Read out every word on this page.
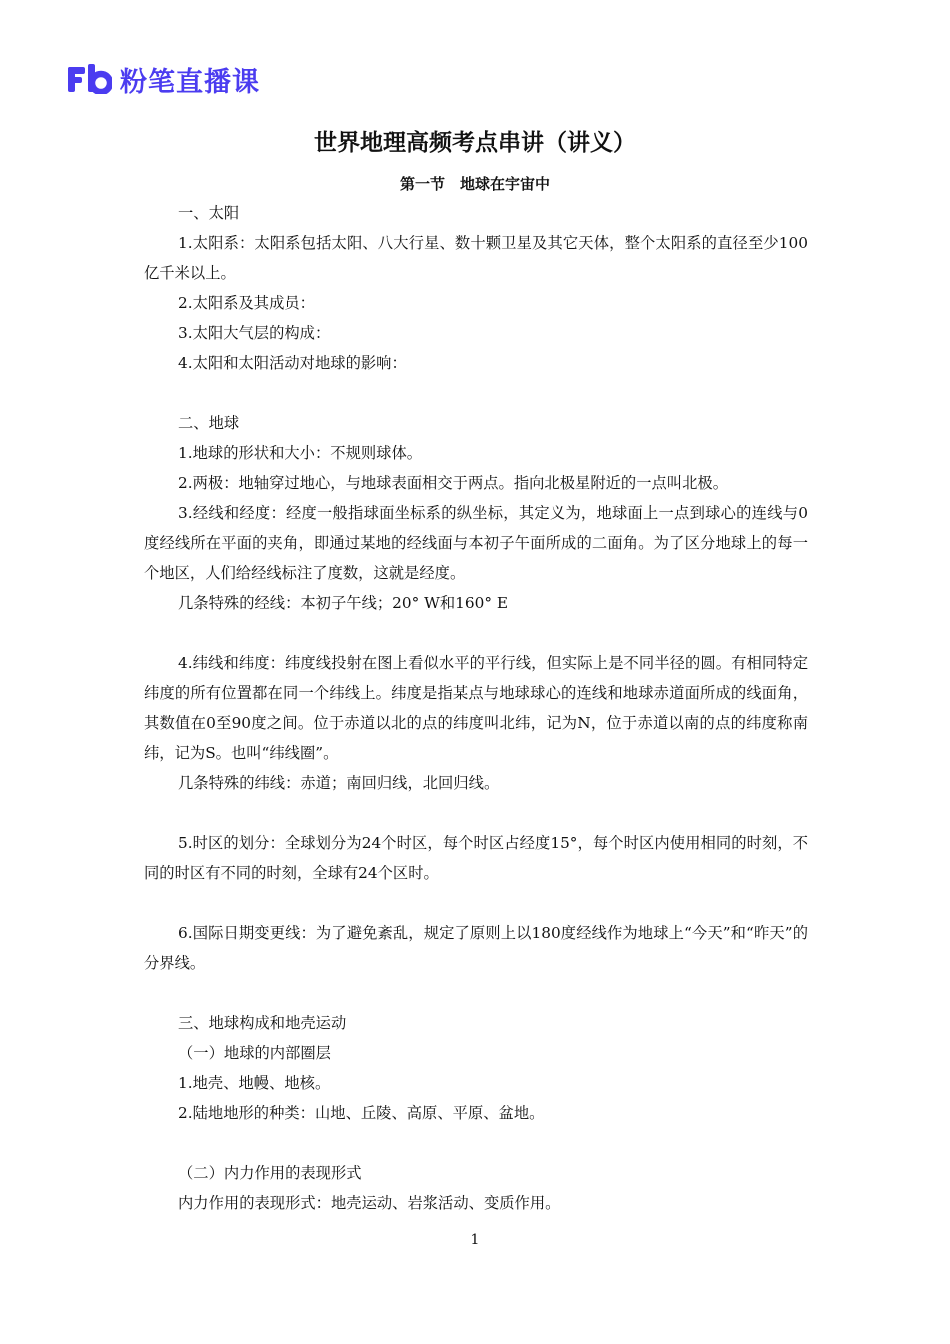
粉笔直播课
世界地理高频考点串讲（讲义）
第一节　地球在宇宙中

一、太阳

1.太阳系：太阳系包括太阳、八大行星、数十颗卫星及其它天体，整个太阳系的直径至少100亿千米以上。

2.太阳系及其成员：

3.太阳大气层的构成：

4.太阳和太阳活动对地球的影响：

二、地球

1.地球的形状和大小：不规则球体。

2.两极：地轴穿过地心，与地球表面相交于两点。指向北极星附近的一点叫北极。

3.经线和经度：经度一般指球面坐标系的纵坐标，其定义为，地球面上一点到球心的连线与0度经线所在平面的夹角，即通过某地的经线面与本初子午面所成的二面角。为了区分地球上的每一个地区，人们给经线标注了度数，这就是经度。

几条特殊的经线：本初子午线；20° W和160° E

4.纬线和纬度：纬度线投射在图上看似水平的平行线，但实际上是不同半径的圆。有相同特定纬度的所有位置都在同一个纬线上。纬度是指某点与地球球心的连线和地球赤道面所成的线面角，其数值在0至90度之间。位于赤道以北的点的纬度叫北纬，记为N，位于赤道以南的点的纬度称南纬，记为S。也叫“纬线圈”。

几条特殊的纬线：赤道；南回归线，北回归线。

5.时区的划分：全球划分为24个时区，每个时区占经度15°，每个时区内使用相同的时刻，不同的时区有不同的时刻，全球有24个区时。

6.国际日期变更线：为了避免紊乱，规定了原则上以180度经线作为地球上“今天”和“昨天”的分界线。

三、地球构成和地壳运动

（一）地球的内部圈层

1.地壳、地幔、地核。

2.陆地地形的种类：山地、丘陵、高原、平原、盆地。

（二）内力作用的表现形式

内力作用的表现形式：地壳运动、岩浆活动、变质作用。

1
